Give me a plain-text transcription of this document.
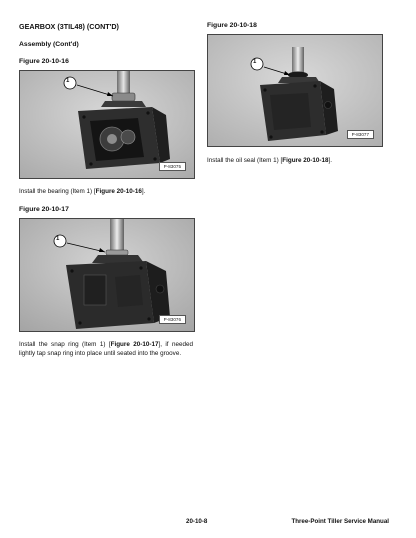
GEARBOX (3TIL48) (CONT'D)
Assembly (Cont'd)
Figure 20-10-16
1
P-83075
Install the bearing (Item 1) [Figure 20-10-16].
Figure 20-10-17
1
P-83076
Install the snap ring (Item 1) [Figure 20-10-17], if needed lightly tap snap ring into place until seated into the groove.
Figure 20-10-18
1
P-83077
Install the oil seal (Item 1) [Figure 20-10-18].
20-10-8	Three-Point Tiller Service Manual
